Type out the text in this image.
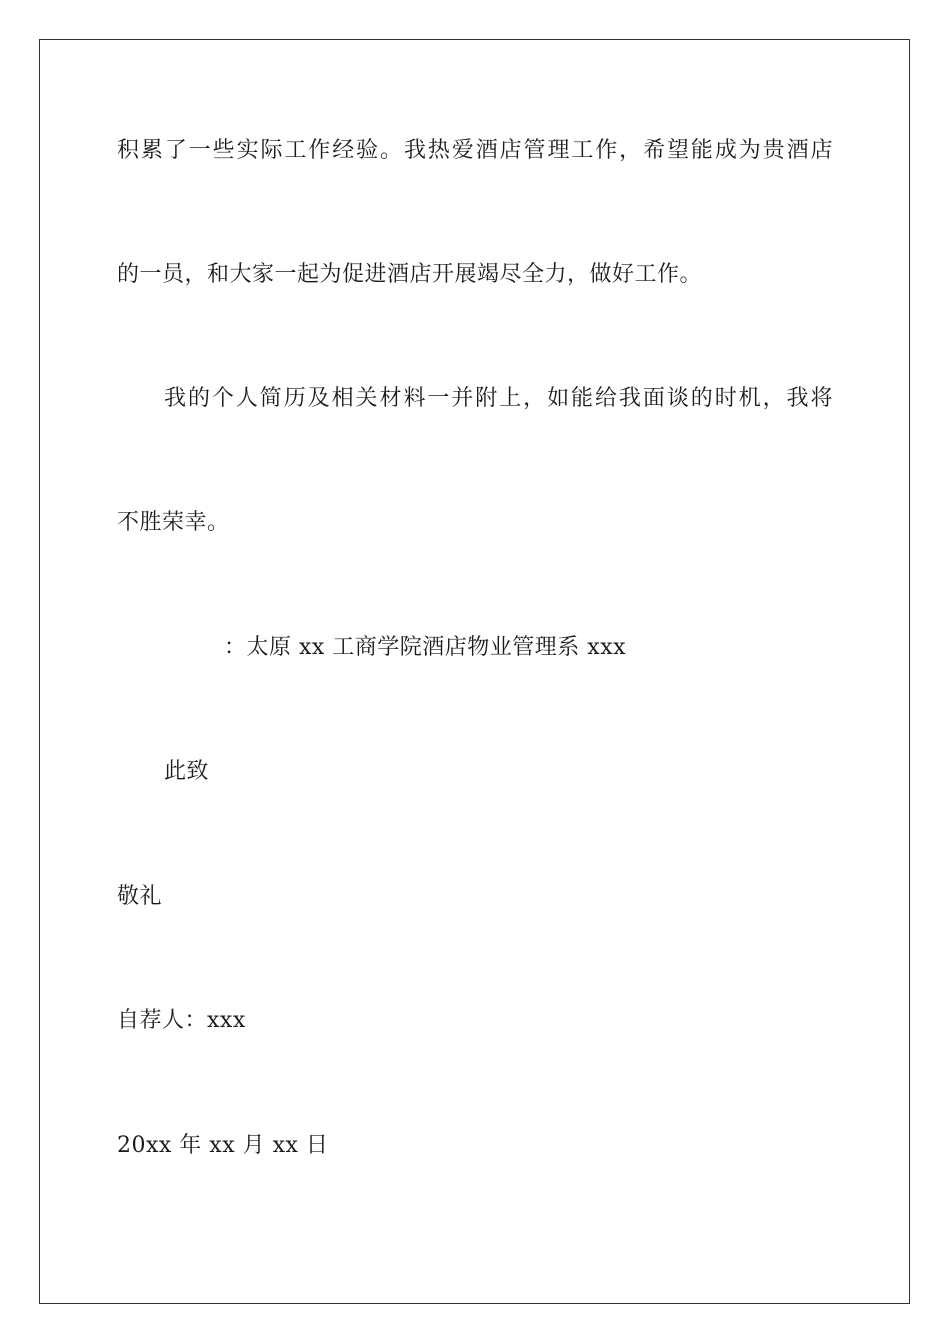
积累了一些实际工作经验。我热爱酒店管理工作，希望能成为贵酒店
的一员，和大家一起为促进酒店开展竭尽全力，做好工作。
我的个人简历及相关材料一并附上，如能给我面谈的时机，我将
不胜荣幸。
：太原 xx 工商学院酒店物业管理系 xxx
此致
敬礼
自荐人：xxx
20xx 年 xx 月 xx 日
